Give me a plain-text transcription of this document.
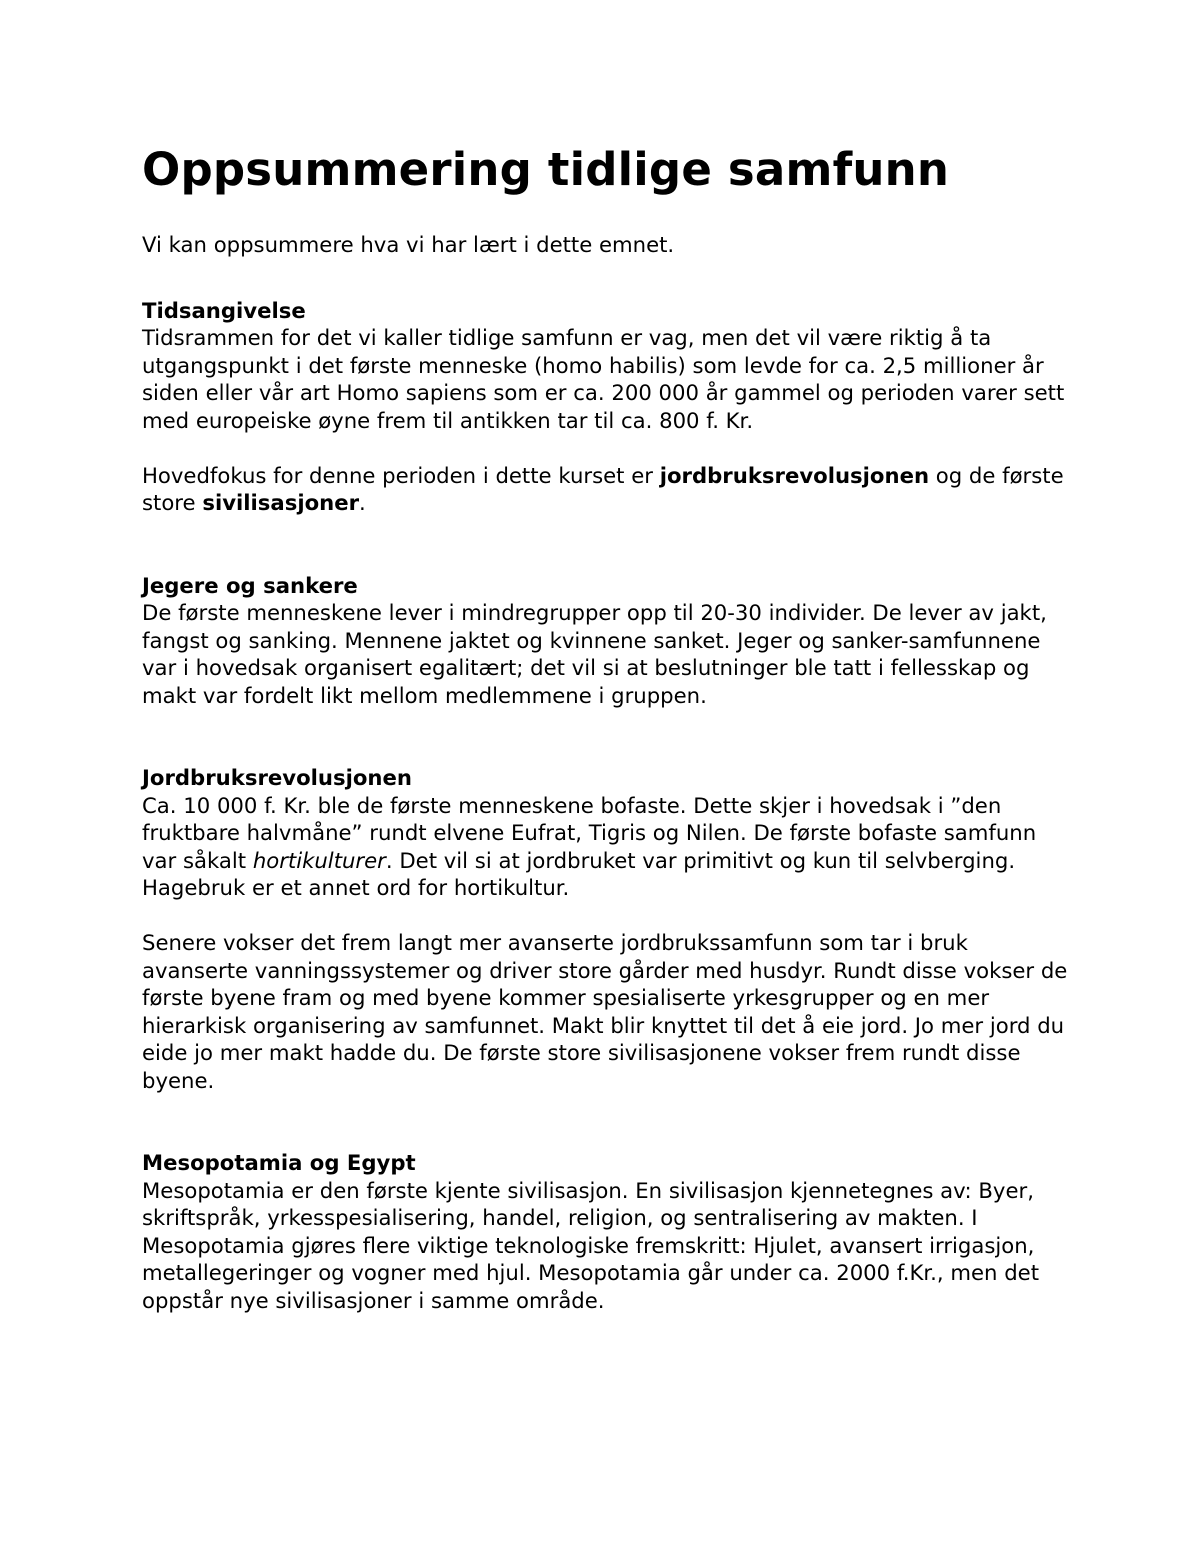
Oppsummering tidlige samfunn

Vi kan oppsummere hva vi har lært i dette emnet.

Tidsangivelse
Tidsrammen for det vi kaller tidlige samfunn er vag, men det vil være riktig å ta utgangspunkt i det første menneske (homo habilis) som levde for ca. 2,5 millioner år siden eller vår art Homo sapiens som er ca. 200 000 år gammel og perioden varer sett med europeiske øyne frem til antikken tar til ca. 800 f. Kr.

Hovedfokus for denne perioden i dette kurset er jordbruksrevolusjonen og de første store sivilisasjoner.

Jegere og sankere
De første menneskene lever i mindregrupper opp til 20-30 individer. De lever av jakt, fangst og sanking. Mennene jaktet og kvinnene sanket. Jeger og sanker-samfunnene var i hovedsak organisert egalitært; det vil si at beslutninger ble tatt i fellesskap og makt var fordelt likt mellom medlemmene i gruppen.

Jordbruksrevolusjonen
Ca. 10 000 f. Kr. ble de første menneskene bofaste. Dette skjer i hovedsak i ”den fruktbare halvmåne” rundt elvene Eufrat, Tigris og Nilen. De første bofaste samfunn var såkalt hortikulturer. Det vil si at jordbruket var primitivt og kun til selvberging. Hagebruk er et annet ord for hortikultur.

Senere vokser det frem langt mer avanserte jordbrukssamfunn som tar i bruk avanserte vanningssystemer og driver store gårder med husdyr. Rundt disse vokser de første byene fram og med byene kommer spesialiserte yrkesgrupper og en mer hierarkisk organisering av samfunnet. Makt blir knyttet til det å eie jord. Jo mer jord du eide jo mer makt hadde du. De første store sivilisasjonene vokser frem rundt disse byene.

Mesopotamia og Egypt
Mesopotamia er den første kjente sivilisasjon. En sivilisasjon kjennetegnes av: Byer, skriftspråk, yrkesspesialisering, handel, religion, og sentralisering av makten. I Mesopotamia gjøres flere viktige teknologiske fremskritt: Hjulet, avansert irrigasjon, metallegeringer og vogner med hjul. Mesopotamia går under ca. 2000 f.Kr., men det oppstår nye sivilisasjoner i samme område.
